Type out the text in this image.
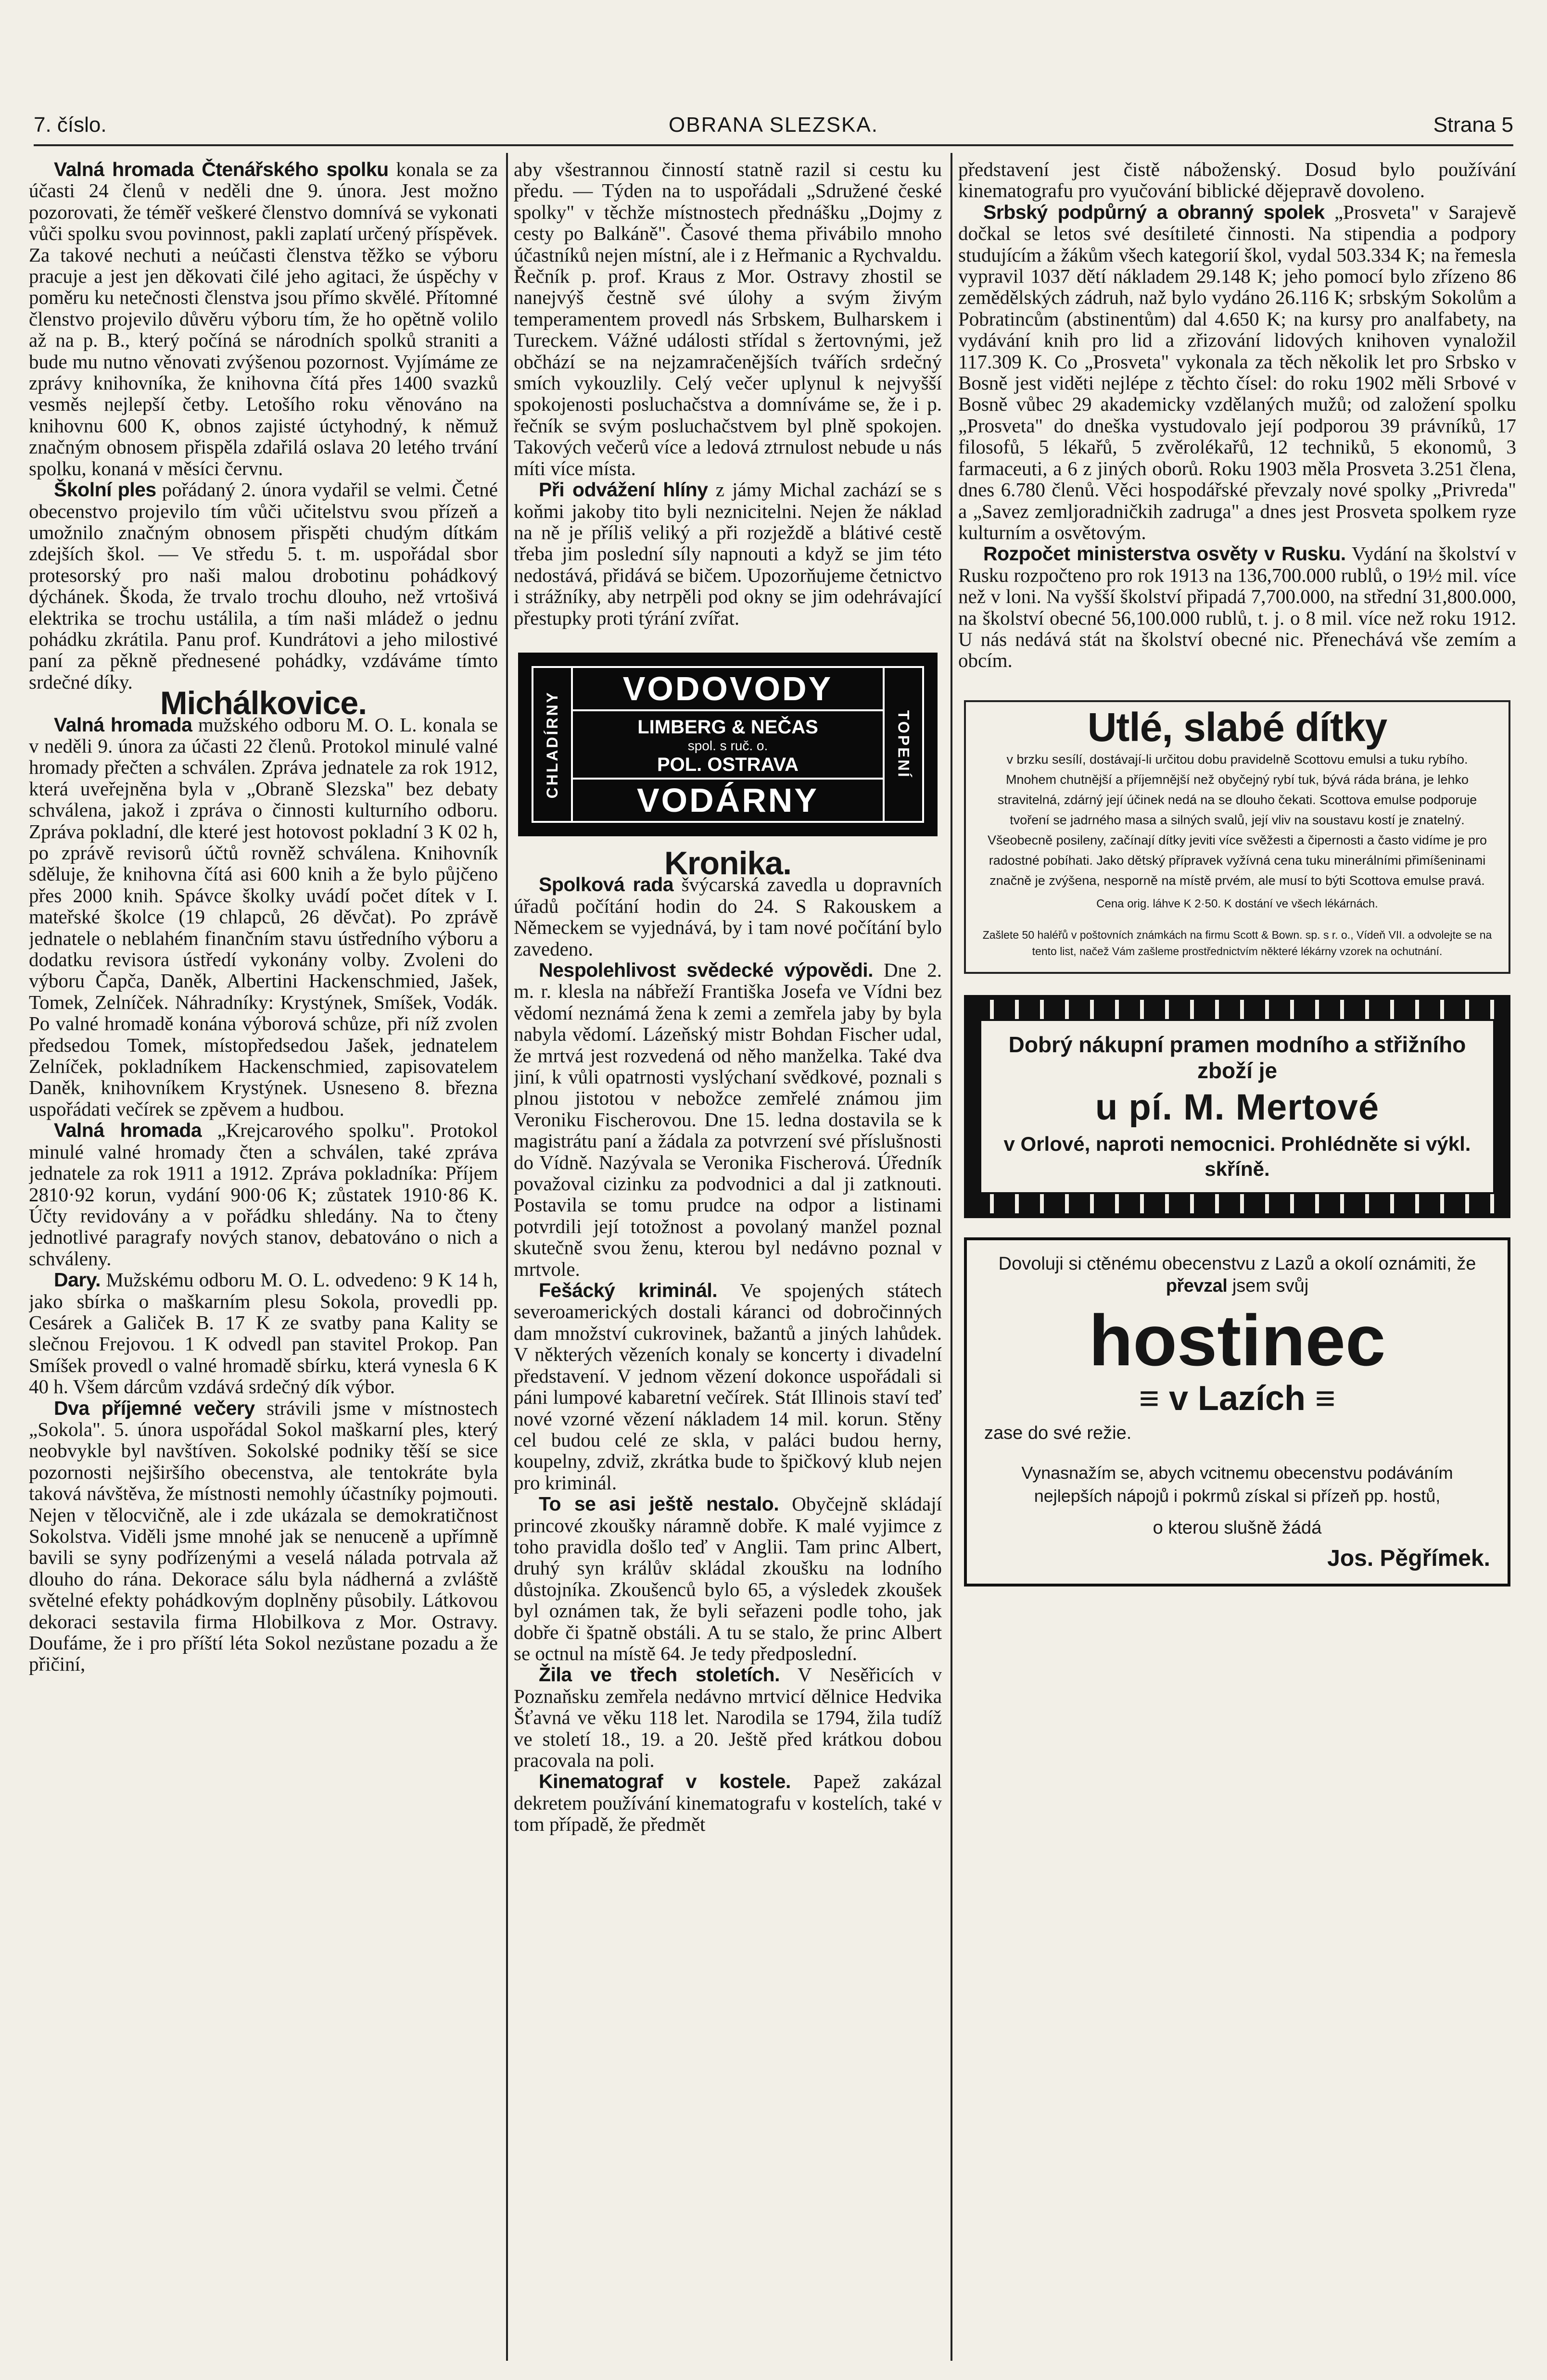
7. číslo.	OBRANA SLEZSKA.	Strana 5

Valná hromada Čtenářského spolku konala se za účasti 24 členů v neděli dne 9. února. Jest možno pozorovati, že téměř veškeré členstvo domnívá se vykonati vůči spolku svou povinnost, pakli zaplatí určený příspěvek. Za takové nechuti a neúčasti členstva těžko se výboru pracuje a jest jen děkovati čilé jeho agitaci, že úspěchy v poměru ku netečnosti členstva jsou přímo skvělé. Přítomné členstvo projevilo důvěru výboru tím, že ho opětně volilo až na p. B., který počíná se národních spolků straniti a bude mu nutno věnovati zvýšenou pozornost. Vyjímáme ze zprávy knihovníka, že knihovna čítá přes 1400 svazků vesměs nejlepší četby. Letošího roku věnováno na knihovnu 600 K, obnos zajisté úctyhodný, k němuž značným obnosem přispěla zdařilá oslava 20 letého trvání spolku, konaná v měsíci červnu.

Školní ples pořádaný 2. února vydařil se velmi. Četné obecenstvo projevilo tím vůči učitelstvu svou přízeň a umožnilo značným obnosem přispěti chudým dítkám zdejších škol. — Ve středu 5. t. m. uspořádal sbor protesorský pro naši malou drobotinu pohádkový dýchánek. Škoda, že trvalo trochu dlouho, než vrtošivá elektrika se trochu ustálila, a tím naši mládež o jednu pohádku zkrátila. Panu prof. Kundrátovi a jeho milostivé paní za pěkně přednesené pohádky, vzdáváme tímto srdečné díky.

Michálkovice.

Valná hromada mužského odboru M. O. L. konala se v neděli 9. února za účasti 22 členů. Protokol minulé valné hromady přečten a schválen. Zpráva jednatele za rok 1912, která uveřejněna byla v „Obraně Slezska" bez debaty schválena, jakož i zpráva o činnosti kulturního odboru. Zpráva pokladní, dle které jest hotovost pokladní 3 K 02 h, po zprávě revisorů účtů rovněž schválena. Knihovník sděluje, že knihovna čítá asi 600 knih a že bylo půjčeno přes 2000 knih. Spávce školky uvádí počet dítek v I. mateřské školce (19 chlapců, 26 děvčat). Po zprávě jednatele o neblahém finančním stavu ústředního výboru a dodatku revisora ústředí vykonány volby. Zvoleni do výboru Čapča, Daněk, Albertini Hackenschmied, Jašek, Tomek, Zelníček. Náhradníky: Krystýnek, Smíšek, Vodák. Po valné hromadě konána výborová schůze, při níž zvolen předsedou Tomek, místopředsedou Jašek, jednatelem Zelníček, pokladníkem Hackenschmied, zapisovatelem Daněk, knihovníkem Krystýnek. Usneseno 8. března uspořádati večírek se zpěvem a hudbou.

Valná hromada „Krejcarového spolku". Protokol minulé valné hromady čten a schválen, také zpráva jednatele za rok 1911 a 1912. Zpráva pokladníka: Příjem 2810·92 korun, vydání 900·06 K; zůstatek 1910·86 K. Účty revidovány a v pořádku shledány. Na to čteny jednotlivé paragrafy nových stanov, debatováno o nich a schváleny.

Dary. Mužskému odboru M. O. L. odvedeno: 9 K 14 h, jako sbírka o maškarním plesu Sokola, provedli pp. Cesárek a Galiček B. 17 K ze svatby pana Kality se slečnou Frejovou. 1 K odvedl pan stavitel Prokop. Pan Smíšek provedl o valné hromadě sbírku, která vynesla 6 K 40 h. Všem dárcům vzdává srdečný dík výbor.

Dva příjemné večery strávili jsme v místnostech „Sokola". 5. února uspořádal Sokol maškarní ples, který neobvykle byl navštíven. Sokolské podniky těší se sice pozornosti nejširšího obecenstva, ale tentokráte byla taková návštěva, že místnosti nemohly účastníky pojmouti. Nejen v tělocvičně, ale i zde ukázala se demokratičnost Sokolstva. Viděli jsme mnohé jak se nenuceně a upřímně bavili se syny podřízenými a veselá nálada potrvala až dlouho do rána. Dekorace sálu byla nádherná a zvláště světelné efekty pohádkovým doplněny působily. Látkovou dekoraci sestavila firma Hlobilkova z Mor. Ostravy. Doufáme, že i pro příští léta Sokol nezůstane pozadu a že přičiní,

aby všestrannou činností statně razil si cestu ku předu. — Týden na to uspořádali „Sdružené české spolky" v těchže místnostech přednášku „Dojmy z cesty po Balkáně". Časové thema přivábilo mnoho účastníků nejen místní, ale i z Heřmanic a Rychvaldu. Řečník p. prof. Kraus z Mor. Ostravy zhostil se nanejvýš čestně své úlohy a svým živým temperamentem provedl nás Srbskem, Bulharskem i Tureckem. Vážné události střídal s žertovnými, jež občhází se na nejzamračenějších tvářích srdečný smích vykouzlily. Celý večer uplynul k nejvyšší spokojenosti posluchačstva a domníváme se, že i p. řečník se svým posluchačstvem byl plně spokojen. Takových večerů více a ledová ztrnulost nebude u nás míti více místa.

Při odvážení hlíny z jámy Michal zachází se s koňmi jakoby tito byli neznicitelni. Nejen že náklad na ně je příliš veliký a při rozježdě a blátivé cestě třeba jim poslední síly napnouti a když se jim této nedostává, přidává se bičem. Upozorňujeme četnictvo i strážníky, aby netrpěli pod okny se jim odehrávající přestupky proti týrání zvířat.

CHLADÍRNY
VODOVODY
LIMBERG & NEČAS
spol. s ruč. o.
POL. OSTRAVA
VODÁRNY
TOPENÍ

Kronika.

Spolková rada švýcarská zavedla u dopravních úřadů počítání hodin do 24. S Rakouskem a Německem se vyjednává, by i tam nové počítání bylo zavedeno.

Nespolehlivost svědecké výpovědi. Dne 2. m. r. klesla na nábřeží Františka Josefa ve Vídni bez vědomí neznámá žena k zemi a zemřela jaby by byla nabyla vědomí. Lázeňský mistr Bohdan Fischer udal, že mrtvá jest rozvedená od něho manželka. Také dva jiní, k vůli opatrnosti vyslýchaní svědkové, poznali s plnou jistotou v nebožce zemřelé známou jim Veroniku Fischerovou. Dne 15. ledna dostavila se k magistrátu paní a žádala za potvrzení své příslušnosti do Vídně. Nazývala se Veronika Fischerová. Úředník považoval cizinku za podvodnici a dal ji zatknouti. Postavila se tomu prudce na odpor a listinami potvrdili její totožnost a povolaný manžel poznal skutečně svou ženu, kterou byl nedávno poznal v mrtvole.

Fešácký kriminál. Ve spojených státech severoamerických dostali káranci od dobročinných dam množství cukrovinek, bažantů a jiných lahůdek. V některých vězeních konaly se koncerty i divadelní představení. V jednom vězení dokonce uspořádali si páni lumpové kabaretní večírek. Stát Illinois staví teď nové vzorné vězení nákladem 14 mil. korun. Stěny cel budou celé ze skla, v paláci budou herny, koupelny, zdviž, zkrátka bude to špičkový klub nejen pro kriminál.

To se asi ještě nestalo. Obyčejně skládají princové zkoušky náramně dobře. K malé vyjimce z toho pravidla došlo teď v Anglii. Tam princ Albert, druhý syn králův skládal zkoušku na lodního důstojníka. Zkoušenců bylo 65, a výsledek zkoušek byl oznámen tak, že byli seřazeni podle toho, jak dobře či špatně obstáli. A tu se stalo, že princ Albert se octnul na místě 64. Je tedy předposlední.

Žila ve třech stoletích. V Nesěřicích v Poznaňsku zemřela nedávno mrtvicí dělnice Hedvika Šťavná ve věku 118 let. Narodila se 1794, žila tudíž ve století 18., 19. a 20. Ještě před krátkou dobou pracovala na poli.

Kinematograf v kostele. Papež zakázal dekretem používání kinematografu v kostelích, také v tom případě, že předmět

představení jest čistě náboženský. Dosud bylo používání kinematografu pro vyučování biblické dějepravě dovoleno.

Srbský podpůrný a obranný spolek „Prosveta" v Sarajevě dočkal se letos své desítileté činnosti. Na stipendia a podpory studujícím a žákům všech kategorií škol, vydal 503.334 K; na řemesla vypravil 1037 dětí nákladem 29.148 K; jeho pomocí bylo zřízeno 86 zemědělských zádruh, naž bylo vydáno 26.116 K; srbským Sokolům a Pobratincům (abstinentům) dal 4.650 K; na kursy pro analfabety, na vydávání knih pro lid a zřizování lidových knihoven vynaložil 117.309 K. Co „Prosveta" vykonala za těch několik let pro Srbsko v Bosně jest viděti nejlépe z těchto čísel: do roku 1902 měli Srbové v Bosně vůbec 29 akademicky vzdělaných mužů; od založení spolku „Prosveta" do dneška vystudovalo její podporou 39 právníků, 17 filosofů, 5 lékařů, 5 zvěrolékařů, 12 techniků, 5 ekonomů, 3 farmaceuti, a 6 z jiných oborů. Roku 1903 měla Prosveta 3.251 člena, dnes 6.780 členů. Věci hospodářské převzaly nové spolky „Privreda" a „Savez zemljoradničkih zadruga" a dnes jest Prosveta spolkem ryze kulturním a osvětovým.

Rozpočet ministerstva osvěty v Rusku. Vydání na školství v Rusku rozpočteno pro rok 1913 na 136,700.000 rublů, o 19½ mil. více než v loni. Na vyšší školství připadá 7,700.000, na střední 31,800.000, na školství obecné 56,100.000 rublů, t. j. o 8 mil. více než roku 1912. U nás nedává stát na školství obecné nic. Přenechává vše zemím a obcím.

Utlé, slabé dítky
v brzku sesílí, dostávají-li určitou dobu pravidelně Scottovu emulsi a tuku rybího. Mnohem chutnější a příjemnější než obyčejný rybí tuk, bývá ráda brána, je lehko stravitelná, zdárný její účinek nedá na se dlouho čekati. Scottova emulse podporuje tvoření se jadrného masa a silných svalů, její vliv na soustavu kostí je znatelný. Všeobecně posileny, začínají dítky jeviti více svěžesti a čipernosti a často vidíme je pro radostné pobíhati. Jako dětský přípravek vyžívná cena tuku minerálními přimíšeninami značně je zvýšena, nesporně na místě prvém, ale musí to býti Scottova emulse pravá.
Cena orig. láhve K 2·50. K dostání ve všech lékárnách.
Zašlete 50 haléřů v poštovních známkách na firmu Scott & Bown. sp. s r. o., Vídeň VII. a odvolejte se na tento list, načež Vám zašleme prostřednictvím některé lékárny vzorek na ochutnání.
Dobrý nákupní pramen modního a střižního zboží je
u pí. M. Mertové
v Orlové, naproti nemocnici. Prohlédněte si výkl. skříně.
Dovoluji si ctěnému obecenstvu z Lazů a okolí oznámiti, že převzal jsem svůj
hostinec
≡ v Lazích ≡
zase do své režie.
Vynasnažím se, abych vcitnemu obecenstvu podáváním nejlepších nápojů i pokrmů získal si přízeň pp. hostů,
o kterou slušně žádá
Jos. Pěgřímek.
